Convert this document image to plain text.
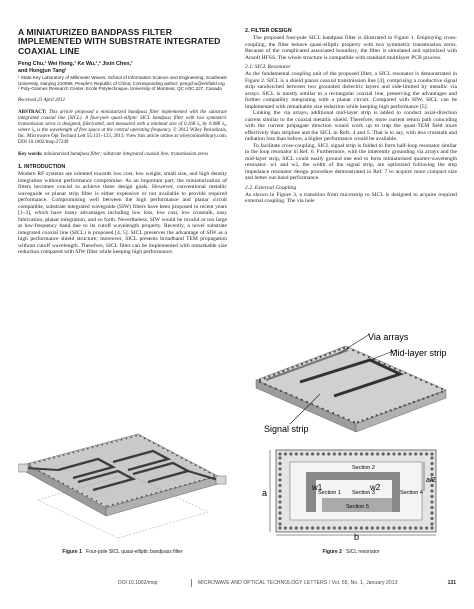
A MINIATURIZED BANDPASS FILTER IMPLEMENTED WITH SUBSTRATE INTEGRATED COAXIAL LINE
Peng Chu,¹ Wei Hong,¹ Ke Wu,¹,² Jixin Chen,¹
and Hongjun Tang¹

¹ State Key Laboratory of Millimeter Waves, School of Information Science and Engineering, Southeast University, Nanjing 210096, People's Republic of China; Corresponding author: pengchu@emfield.org

² Poly-Grames Research Center, Ecole Polytechnique, University of Montreal, QC H3C 3J7, Canada

Received 23 April 2012
ABSTRACT: This article proposed a miniaturized bandpass filter implemented with the substrate integrated coaxial line (SICL). A four-pole quasi-elliptic SICL bandpass filter with two symmetric transmission zeros is designed, fabricated, and measured with a minimal size of 0.168 λ₀ by 0.088 λ₀, where λ₀ is the wavelength of free space at the central operating frequency. © 2012 Wiley Periodicals, Inc. Microwave Opt Technol Lett 55:131–133, 2013; View this article online at wileyonlinelibrary.com. DOI 10.1002/mop.27249
Key words: miniaturized bandpass filter; substrate integrated coaxial line; transmission zeros
1. INTRODUCTION

Modern RF systems are oriented towards low cost, low weight, small size, and high density integration without performance compromise. As an important part, the miniaturization of filters becomes crucial to achieve these design goals. However, conventional metallic waveguide or planar strip filter is either expensive or not available to provide required performance. Compromising well between the high performance and planar circuit compatible, substrate integrated waveguide (SIW) filters have been proposed in recent years [1–3], which have many advantages including low loss, low cost, low crosstalk, easy fabrication, planar integration, and so forth. Nevertheless, SIW would be invalid or too large at low-frequency band due to its cutoff wavelength property. Recently, a novel substrate integrated coaxial line (SICL) is proposed [4, 5]. SICL preserves the advantage of SIW as a high performance shield structure; moreover, SICL presents broadband TEM propagation without cutoff wavelength. Therefore, SICL filter can be implemented with remarkable size reduction compared with SIW filter while keeping high performance.

2. FILTER DESIGN

The proposed four-pole SICL bandpass filter is illustrated in Figure 1. Employing cross-coupling, the filter behave quasi-elliptic property with two symmetric transmission zeros. Because of the complicated associated boundary, the filter is simulated and optimized with Ansoft HFSS. The whole structure is compatible with standard multilayer PCB process.

2.1. SICL Resonator

As the fundamental coupling unit of the proposed filter, a SICL resonator is demonstrated in Figure 2. SICL is a shield planar coaxial transmission line [4], comprising a conductive signal strip sandwiched between two grounded dielectric layers and side-limited by metallic via arrays. SICL is mostly similar to a rectangular coaxial line, preserving the advantages and further compatibly integrating with a planar circuit. Compared with SIW, SICL can be implemented with remarkable size reduction while keeping high performance [5].

Linking the via arrays, additional mid-layer strip is added to conduct axial-direction current similar to the coaxial metallic shield. Therefore, more current return path coinciding with the current propagate direction would work up to trap the quasi-TEM field more effectively than stripline and the SICL in Refs. 4 and 5. That is to say, with less crosstalk and radiation loss than before, a higher performance would be available.

To facilitate cross-coupling, SICL signal strip is folded to form half-loop resonator similar to the loop resonator in Ref. 6. Furthermore, with the inherently grounding via arrays and the mid-layer strip, SICL could easily ground one end to form miniaturized quarter-wavelength resonator. w1 and w2, the width of the signal strip, are optimized following the step impedance resonator design procedure demonstrated in Ref. 7 to acquire more compact size and better out-band performance.

2.2. External Coupling

As shown in Figure 3, a transition from microstrip to SICL is designed to acquire required external coupling. The via hole

Figure 1 Four-pole SICL quasi-elliptic bandpass filter
Via arrays
Mid-layer strip
Signal strip
Section 2
Section 1 Section 3	Section 4
Section 5
w1	w2
a
a/2
b
Figure 2 SICL resonator
DOI 10.1002/mop	MICROWAVE AND OPTICAL TECHNOLOGY LETTERS / Vol. 55, No. 1, January 2013	131
